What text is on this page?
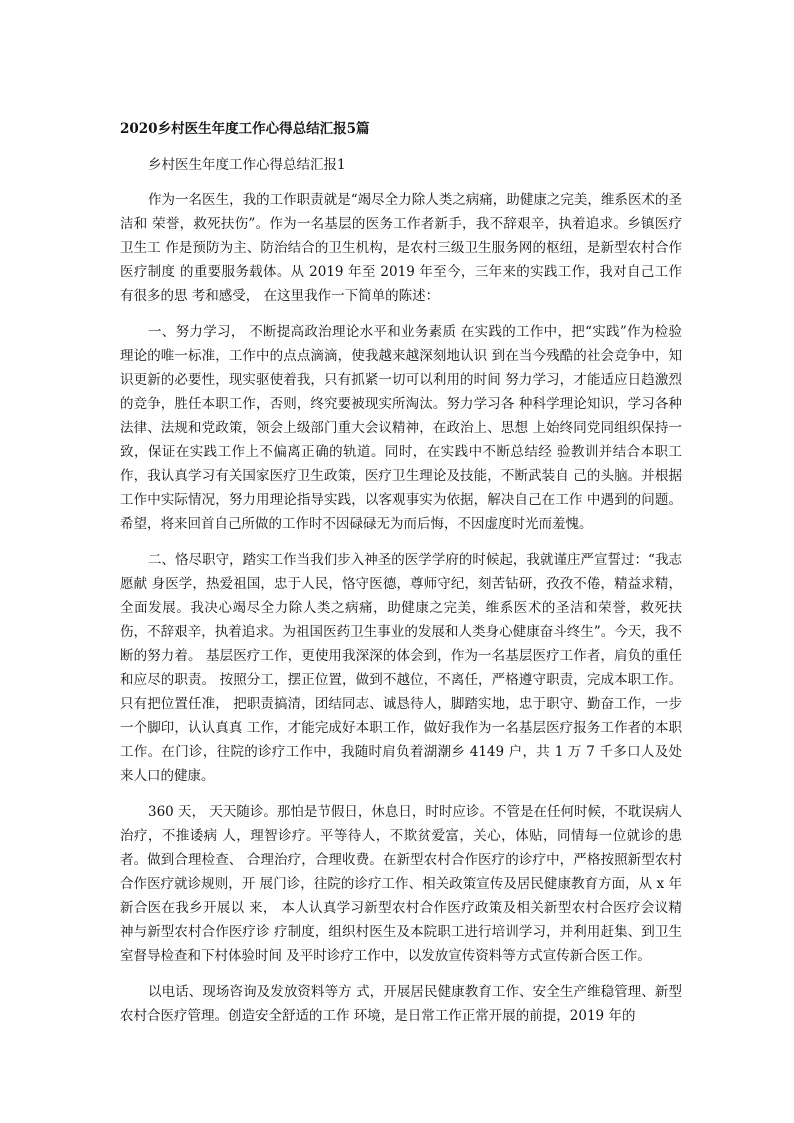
2020乡村医生年度工作心得总结汇报5篇
乡村医生年度工作心得总结汇报1

作为一名医生，我的工作职责就是“竭尽全力除人类之病痛，助健康之完美，维系医术的圣洁和 荣誉，救死扶伤”。作为一名基层的医务工作者新手，我不辞艰辛，执着追求。乡镇医疗卫生工 作是预防为主、防治结合的卫生机构，是农村三级卫生服务网的枢纽，是新型农村合作医疗制度 的重要服务载体。从 2019 年至 2019 年至今，三年来的实践工作，我对自己工作有很多的思 考和感受， 在这里我作一下简单的陈述：

一、努力学习， 不断提高政治理论水平和业务素质 在实践的工作中，把“实践”作为检验理论的唯一标准，工作中的点点滴滴，使我越来越深刻地认识 到在当今残酷的社会竞争中，知识更新的必要性，现实驱使着我，只有抓紧一切可以利用的时间 努力学习，才能适应日趋激烈的竞争，胜任本职工作，否则，终究要被现实所淘汰。努力学习各 种科学理论知识，学习各种法律、法规和党政策，领会上级部门重大会议精神，在政治上、思想 上始终同党同组织保持一致，保证在实践工作上不偏离正确的轨道。同时，在实践中不断总结经 验教训并结合本职工作，我认真学习有关国家医疗卫生政策，医疗卫生理论及技能，不断武装自 己的头脑。并根据工作中实际情况，努力用理论指导实践，以客观事实为依据，解决自己在工作 中遇到的问题。希望，将来回首自己所做的工作时不因碌碌无为而后悔，不因虚度时光而羞愧。

二、恪尽职守，踏实工作当我们步入神圣的医学学府的时候起，我就谨庄严宣誓过：“我志愿献 身医学，热爱祖国，忠于人民，恪守医德，尊师守纪，刻苦钻研，孜孜不倦，精益求精，全面发展。我决心竭尽全力除人类之病痛，助健康之完美，维系医术的圣洁和荣誉，救死扶伤，不辞艰辛，执着追求。为祖国医药卫生事业的发展和人类身心健康奋斗终生”。今天，我不断的努力着。 基层医疗工作，更使用我深深的体会到，作为一名基层医疗工作者，肩负的重任和应尽的职责。 按照分工，摆正位置，做到不越位，不离任，严格遵守职责，完成本职工作。只有把位置任准， 把职责搞清，团结同志、诚恳待人，脚踏实地，忠于职守、勤奋工作，一步一个脚印，认认真真 工作，才能完成好本职工作，做好我作为一名基层医疗报务工作者的本职工作。在门诊，往院的诊疗工作中，我随时肩负着湖潮乡 4149 户，共 1 万 7 千多口人及处来人口的健康。

360 天， 天天随诊。那怕是节假日，休息日，时时应诊。不管是在任何时候，不耽误病人治疗，不推诿病 人，理智诊疗。平等待人，不欺贫爱富，关心，体贴，同情每一位就诊的患者。做到合理检查、 合理治疗，合理收费。在新型农村合作医疗的诊疗中，严格按照新型农村合作医疗就诊规则，开 展门诊，往院的诊疗工作、相关政策宣传及居民健康教育方面，从 x 年新合医在我乡开展以 来， 本人认真学习新型农村合作医疗政策及相关新型农村合医疗会议精神与新型农村合作医疗诊 疗制度，组织村医生及本院职工进行培训学习，并利用赶集、到卫生室督导检查和下村体验时间 及平时诊疗工作中，以发放宣传资料等方式宣传新合医工作。

以电话、现场咨询及发放资料等方 式，开展居民健康教育工作、安全生产维稳管理、新型农村合医疗管理。创造安全舒适的工作 环境，是日常工作正常开展的前提，2019 年的
